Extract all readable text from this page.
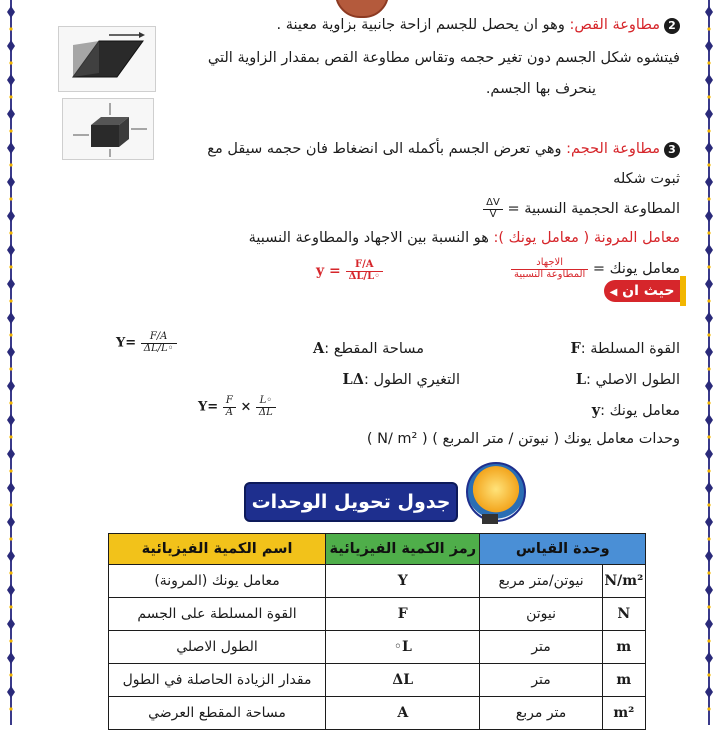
2مطاوعة القص: وهو ان يحصل للجسم ازاحة جانبية بزاوية معينة .
فيتشوه شكل الجسم دون تغير حجمه وتقاس مطاوعة القص بمقدار الزاوية التي
ينحرف بها الجسم.
3مطاوعة الحجم: وهي تعرض الجسم بأكمله الى انضغاط فان حجمه سيقل مع
ثبوت شكله
المطاوعة الحجمية النسبية =
$\frac{\Delta V}{V}$
معامل المرونة ( معامل يونك ): هو النسبة بين الاجهاد والمطاوعة النسبية
معامل يونك =
$\frac{\text{الاجهاد}}{\text{المطاوعة النسبية}}$
$y = \frac{F/A}{\Delta L/L◦}$
حيث ان ◀
F: القوة المسلطة
A: مساحة المقطع
$Y= \frac{F/A}{\Delta L/L◦}$
L: الطول الاصلي
LΔ: التغيري الطول
y: معامل يونك
$Y= \frac{F}{A} \times \frac{L◦}{\Delta L}$
وحدات معامل يونك ( نيوتن / متر المربع ) ( N/ m² )
جدول تحويل الوحدات
وحدة القياس		رمز الكمية الفيزيائية	اسم الكمية الفيزيائية
N/m²	نيوتن/متر مربع	Y	معامل يونك (المرونة)
N	نيوتن	F	القوة المسلطة على الجسم
m	متر	L◦	الطول الاصلي
m	متر	ΔL	مقدار الزيادة الحاصلة في الطول
m²	متر مربع	A	مساحة المقطع العرضي
